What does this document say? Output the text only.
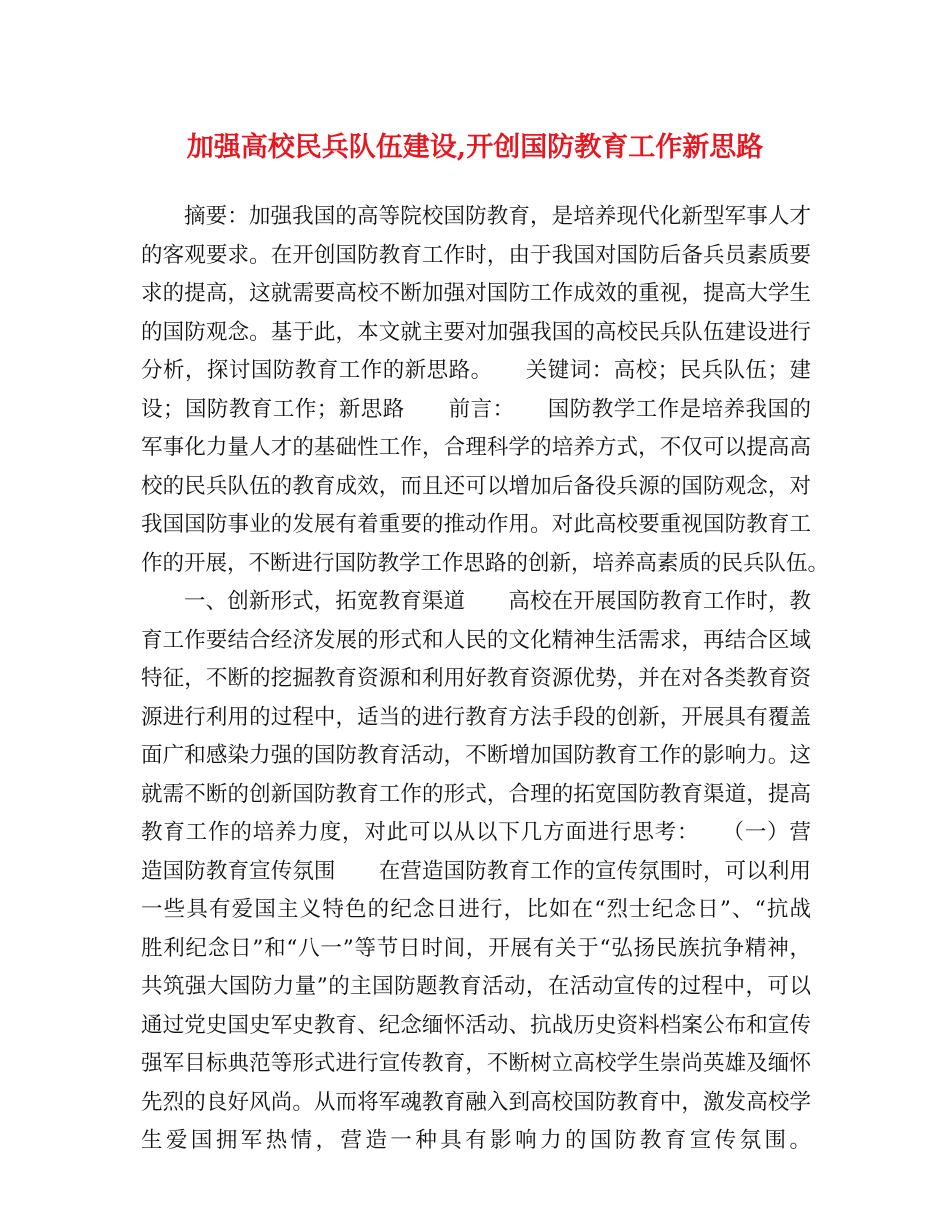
加强高校民兵队伍建设,开创国防教育工作新思路
摘要：加强我国的高等院校国防教育，是培养现代化新型军事人才
的客观要求。在开创国防教育工作时，由于我国对国防后备兵员素质要
求的提高，这就需要高校不断加强对国防工作成效的重视，提高大学生
的国防观念。基于此，本文就主要对加强我国的高校民兵队伍建设进行
分析，探讨国防教育工作的新思路。　　关键词：高校；民兵队伍；建
设；国防教育工作；新思路　　前言：　　国防教学工作是培养我国的
军事化力量人才的基础性工作，合理科学的培养方式，不仅可以提高高
校的民兵队伍的教育成效，而且还可以增加后备役兵源的国防观念，对
我国国防事业的发展有着重要的推动作用。对此高校要重视国防教育工
作的开展，不断进行国防教学工作思路的创新，培养高素质的民兵队伍。
一、创新形式，拓宽教育渠道　　高校在开展国防教育工作时，教
育工作要结合经济发展的形式和人民的文化精神生活需求，再结合区域
特征，不断的挖掘教育资源和利用好教育资源优势，并在对各类教育资
源进行利用的过程中，适当的进行教育方法手段的创新，开展具有覆盖
面广和感染力强的国防教育活动，不断增加国防教育工作的影响力。这
就需不断的创新国防教育工作的形式，合理的拓宽国防教育渠道，提高
教育工作的培养力度，对此可以从以下几方面进行思考：　　（一）营
造国防教育宣传氛围　　在营造国防教育工作的宣传氛围时，可以利用
一些具有爱国主义特色的纪念日进行，比如在“烈士纪念日”、“抗战
胜利纪念日”和“八一”等节日时间，开展有关于“弘扬民族抗争精神，
共筑强大国防力量”的主国防题教育活动，在活动宣传的过程中，可以
通过党史国史军史教育、纪念缅怀活动、抗战历史资料档案公布和宣传
强军目标典范等形式进行宣传教育，不断树立高校学生崇尚英雄及缅怀
先烈的良好风尚。从而将军魂教育融入到高校国防教育中，激发高校学
生爱国拥军热情，营造一种具有影响力的国防教育宣传氛围。
